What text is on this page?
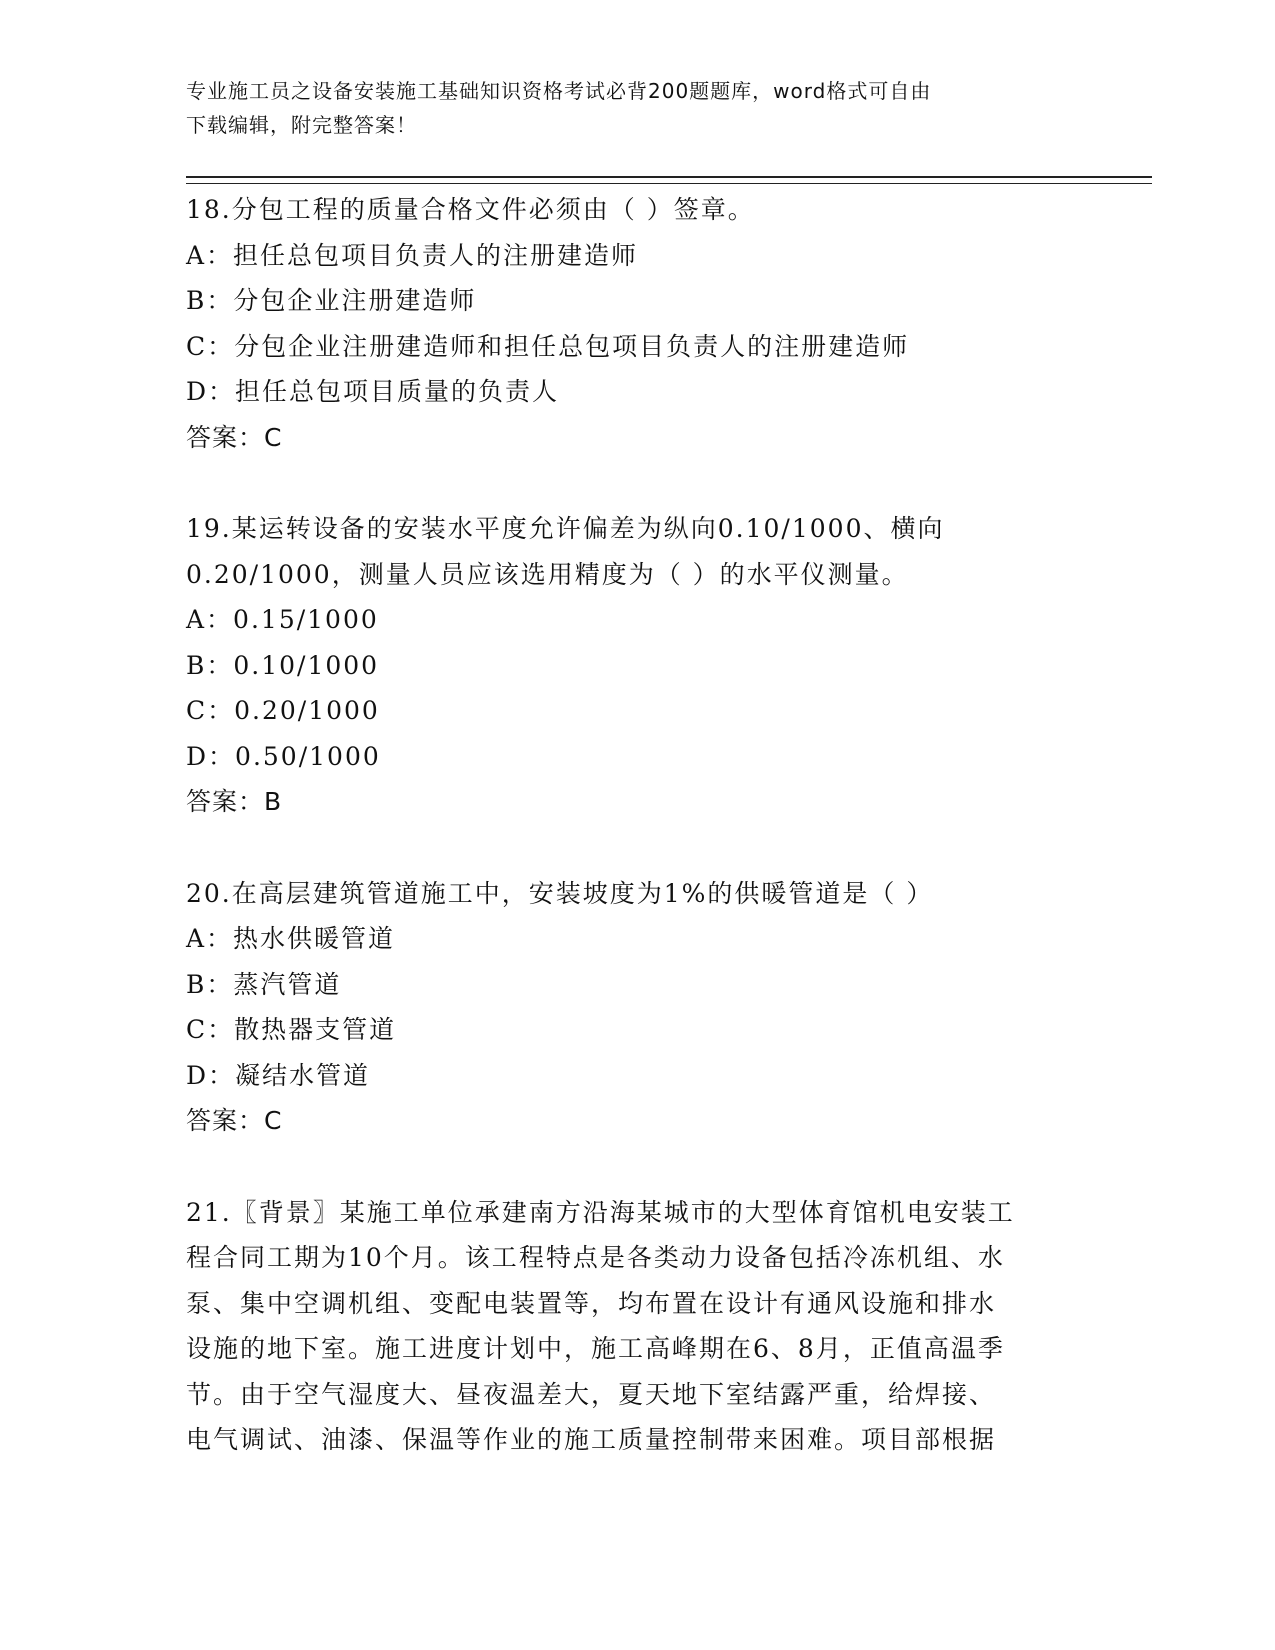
专业施工员之设备安装施工基础知识资格考试必背200题题库，word格式可自由
下载编辑，附完整答案！
18.分包工程的质量合格文件必须由（ ）签章。
A：担任总包项目负责人的注册建造师
B：分包企业注册建造师
C：分包企业注册建造师和担任总包项目负责人的注册建造师
D：担任总包项目质量的负责人
答案：C
19.某运转设备的安装水平度允许偏差为纵向0.10/1000、横向
0.20/1000，测量人员应该选用精度为（ ）的水平仪测量。
A：0.15/1000
B：0.10/1000
C：0.20/1000
D：0.50/1000
答案：B
20.在高层建筑管道施工中，安装坡度为1%的供暖管道是（ ）
A：热水供暖管道
B：蒸汽管道
C：散热器支管道
D：凝结水管道
答案：C
21.〖背景〗某施工单位承建南方沿海某城市的大型体育馆机电安装工
程合同工期为10个月。该工程特点是各类动力设备包括冷冻机组、水
泵、集中空调机组、变配电装置等，均布置在设计有通风设施和排水
设施的地下室。施工进度计划中，施工高峰期在6、8月，正值高温季
节。由于空气湿度大、昼夜温差大，夏天地下室结露严重，给焊接、
电气调试、油漆、保温等作业的施工质量控制带来困难。项目部根据
